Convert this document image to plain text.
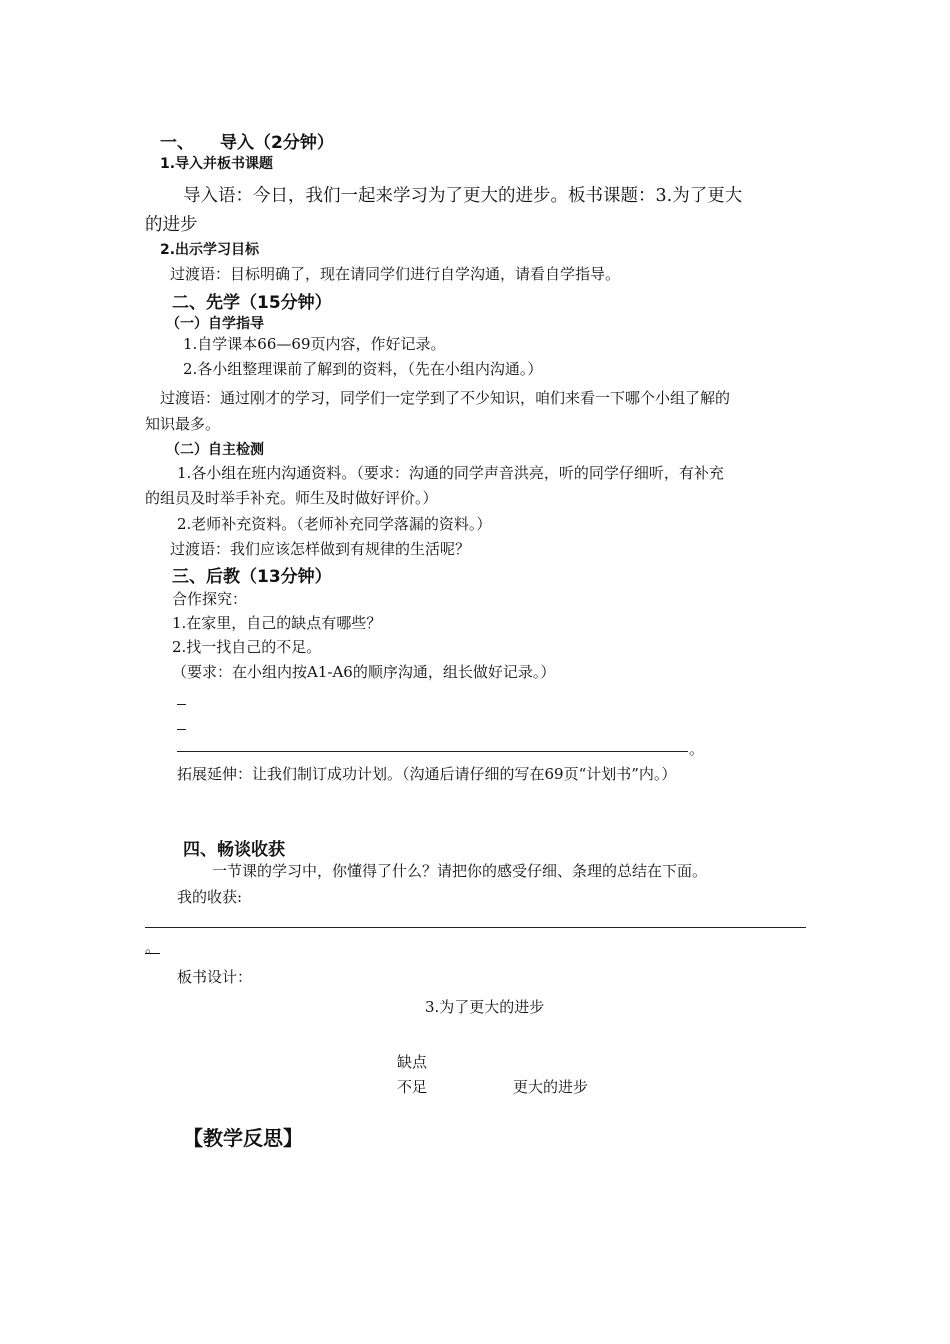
一、 导入（2分钟）
1.导入并板书课题
导入语：今日，我们一起来学习为了更大的进步。板书课题：3.为了更大
的进步
2.出示学习目标
过渡语：目标明确了，现在请同学们进行自学沟通，请看自学指导。
二、先学（15分钟）
（一）自学指导
1.自学课本66—69页内容，作好记录。
2.各小组整理课前了解到的资料，（先在小组内沟通。）
过渡语：通过刚才的学习，同学们一定学到了不少知识，咱们来看一下哪个小组了解的
知识最多。
（二）自主检测
1.各小组在班内沟通资料。（要求：沟通的同学声音洪亮，听的同学仔细听，有补充
的组员及时举手补充。师生及时做好评价。）
2.老师补充资料。（老师补充同学落漏的资料。）
过渡语：我们应该怎样做到有规律的生活呢？
三、后教（13分钟）
合作探究：
1.在家里，自己的缺点有哪些？
2.找一找自己的不足。
（要求：在小组内按A1-A6的顺序沟通，组长做好记录。）
。
拓展延伸：让我们制订成功计划。（沟通后请仔细的写在69页“计划书”内。）
四、畅谈收获
一节课的学习中，你懂得了什么？请把你的感受仔细、条理的总结在下面。
我的收获:
。
板书设计：
3.为了更大的进步
缺点
不足	更大的进步
【教学反思】
